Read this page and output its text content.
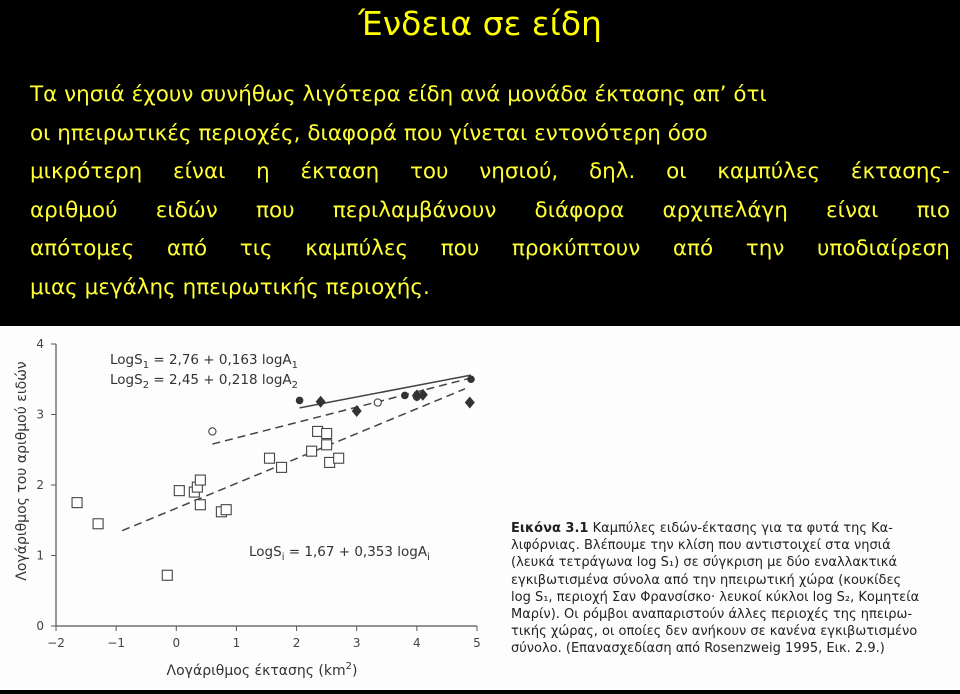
Ένδεια σε είδη
Τα νησιά έχουν συνήθως λιγότερα είδη ανά μονάδα έκτασης απ’ ότι
οι ηπειρωτικές περιοχές, διαφορά που γίνεται εντονότερη όσο
μικρότερη είναι η έκταση του νησιού, δηλ. οι καμπύλες έκτασης-
αριθμού ειδών που περιλαμβάνουν διάφορα αρχιπελάγη είναι πιο
απότομες από τις καμπύλες που προκύπτουν από την υποδιαίρεση
μιας μεγάλης ηπειρωτικής περιοχής.
−2	−1	0	1	2	3	4	5
0
1
2
3
4
Λογάριθμος του αριθμού ειδών
Λογάριθμος έκτασης $(km^2)$
LogS$_1$ = 2,76 + 0,163 logA$_1$
LogS$_2$ = 2,45 + 0,218 logA$_2$
LogS$_i$ = 1,67 + 0,353 logA$_i$
Εικόνα 3.1 Καμπύλες ειδών-έκτασης για τα φυτά της Κα-
λιφόρνιας. Βλέπουμε την κλίση που αντιστοιχεί στα νησιά
(λευκά τετράγωνα log S₁) σε σύγκριση με δύο εναλλακτικά
εγκιβωτισμένα σύνολα από την ηπειρωτική χώρα (κουκίδες
log S₁, περιοχή Σαν Φρανσίσκο· λευκοί κύκλοι log S₂, Κομητεία
Μαρίν). Οι ρόμβοι αναπαριστούν άλλες περιοχές της ηπειρω-
τικής χώρας, οι οποίες δεν ανήκουν σε κανένα εγκιβωτισμένο
σύνολο. (Επανασχεδίαση από Rosenzweig 1995, Εικ. 2.9.)
